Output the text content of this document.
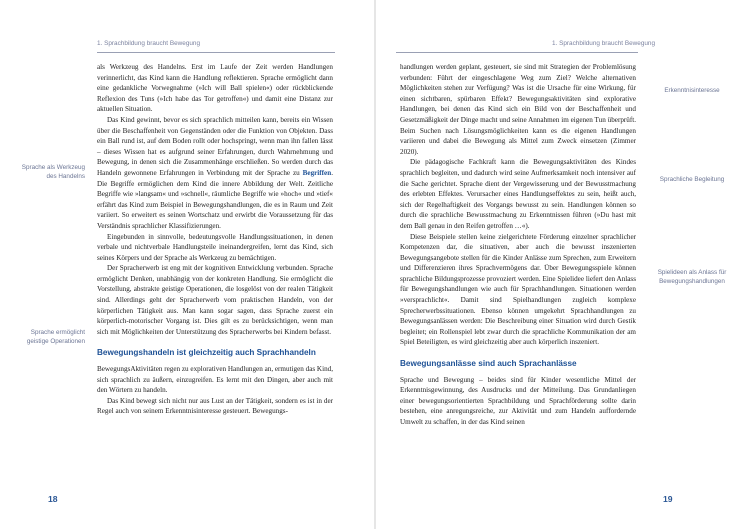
1. Sprachbildung braucht Bewegung
Sprache als Werkzeug des Handelns
Sprache ermöglicht geistige Operationen

als Werkzeug des Handelns. Erst im Laufe der Zeit werden Handlungen verinnerlicht, das Kind kann die Handlung reflektieren. Sprache ermöglicht dann eine gedankliche Vorwegnahme (»Ich will Ball spielen«) oder rückblickende Reflexion des Tuns (»Ich habe das Tor getroffen«) und damit eine Distanz zur aktuellen Situation.

Das Kind gewinnt, bevor es sich sprachlich mitteilen kann, bereits ein Wissen über die Beschaffenheit von Gegenständen oder die Funktion von Objekten. Dass ein Ball rund ist, auf dem Boden rollt oder hochspringt, wenn man ihn fallen lässt – dieses Wissen hat es aufgrund seiner Erfahrungen, durch Wahrnehmung und Bewegung, in denen sich die Zusammenhänge erschließen. So werden durch das Handeln gewonnene Erfahrungen in Verbindung mit der Sprache zu Begriffen. Die Begriffe ermöglichen dem Kind die innere Abbildung der Welt. Zeitliche Begriffe wie »langsam« und »schnell«, räumliche Begriffe wie »hoch« und »tief« erfährt das Kind zum Beispiel in Bewegungshandlungen, die es in Raum und Zeit variiert. So erweitert es seinen Wortschatz und erwirbt die Voraussetzung für das Verständnis sprachlicher Klassifizierungen.

Eingebunden in sinnvolle, bedeutungsvolle Handlungssituationen, in denen verbale und nichtverbale Handlungsteile ineinandergreifen, lernt das Kind, sich seines Körpers und der Sprache als Werkzeug zu bemächtigen.

Der Spracherwerb ist eng mit der kognitiven Entwicklung verbunden. Sprache ermöglicht Denken, unabhängig von der konkreten Handlung. Sie ermöglicht die Vorstellung, abstrakte geistige Operationen, die losgelöst von der realen Tätigkeit sind. Allerdings geht der Spracherwerb vom praktischen Handeln, von der körperlichen Tätigkeit aus. Man kann sogar sagen, dass Sprache zuerst ein körperlich-motorischer Vorgang ist. Dies gilt es zu berücksichtigen, wenn man sich mit Möglichkeiten der Unterstützung des Spracherwerbs bei Kindern befasst.

Bewegungshandeln ist gleichzeitig auch Sprachhandeln

BewegungsAktivitäten regen zu explorativen Handlungen an, ermutigen das Kind, sich sprachlich zu äußern, einzugreifen. Es lernt mit den Dingen, aber auch mit den Wörtern zu handeln.

Das Kind bewegt sich nicht nur aus Lust an der Tätigkeit, sondern es ist in der Regel auch von seinem Erkenntnisinteresse gesteuert. Bewegungs-

18
1. Sprachbildung braucht Bewegung
Erkenntnisinteresse
Sprachliche Begleitung
Spielideen als Anlass für Bewegungshandlungen

handlungen werden geplant, gesteuert, sie sind mit Strategien der Problemlösung verbunden: Führt der eingeschlagene Weg zum Ziel? Welche alternativen Möglichkeiten stehen zur Verfügung? Was ist die Ursache für eine Wirkung, für einen sichtbaren, spürbaren Effekt? Bewegungsaktivitäten sind explorative Handlungen, bei denen das Kind sich ein Bild von der Beschaffenheit und Gesetzmäßigkeit der Dinge macht und seine Annahmen im eigenen Tun überprüft. Beim Suchen nach Lösungsmöglichkeiten kann es die eigenen Handlungen variieren und dabei die Bewegung als Mittel zum Zweck einsetzen (Zimmer 2020).

Die pädagogische Fachkraft kann die Bewegungsaktivitäten des Kindes sprachlich begleiten, und dadurch wird seine Aufmerksamkeit noch intensiver auf die Sache gerichtet. Sprache dient der Vergewisserung und der Bewusstmachung des erlebten Effektes. Verursacher eines Handlungseffektes zu sein, heißt auch, sich der Regelhaftigkeit des Vorgangs bewusst zu sein. Handlungen können so durch die sprachliche Bewusstmachung zu Erkenntnissen führen (»Du hast mit dem Ball genau in den Reifen getroffen …«).

Diese Beispiele stellen keine zielgerichtete Förderung einzelner sprachlicher Kompetenzen dar, die situativen, aber auch die bewusst inszenierten Bewegungsangebote stellen für die Kinder Anlässe zum Sprechen, zum Erweitern und Differenzieren ihres Sprachvermögens dar. Über Bewegungsspiele können sprachliche Bildungsprozesse provoziert werden. Eine Spielidee liefert den Anlass für Bewegungshandlungen wie auch für Sprachhandlungen. Situationen werden »versprachlicht«. Damit sind Spielhandlungen zugleich komplexe Sprecherwerbssituationen. Ebenso können umgekehrt Sprachhandlungen zu Bewegungsanlässen werden: Die Beschreibung einer Situation wird durch Gestik begleitet; ein Rollenspiel lebt zwar durch die sprachliche Kommunikation der am Spiel Beteiligten, es wird gleichzeitig aber auch körperlich inszeniert.

Bewegungsanlässe sind auch Sprachanlässe

Sprache und Bewegung – beides sind für Kinder wesentliche Mittel der Erkenntnisgewinnung, des Ausdrucks und der Mitteilung. Das Grundanliegen einer bewegungsorientierten Sprachbildung und Sprachförderung sollte darin bestehen, eine anregungsreiche, zur Aktivität und zum Handeln auffordernde Umwelt zu schaffen, in der das Kind seinen

19
